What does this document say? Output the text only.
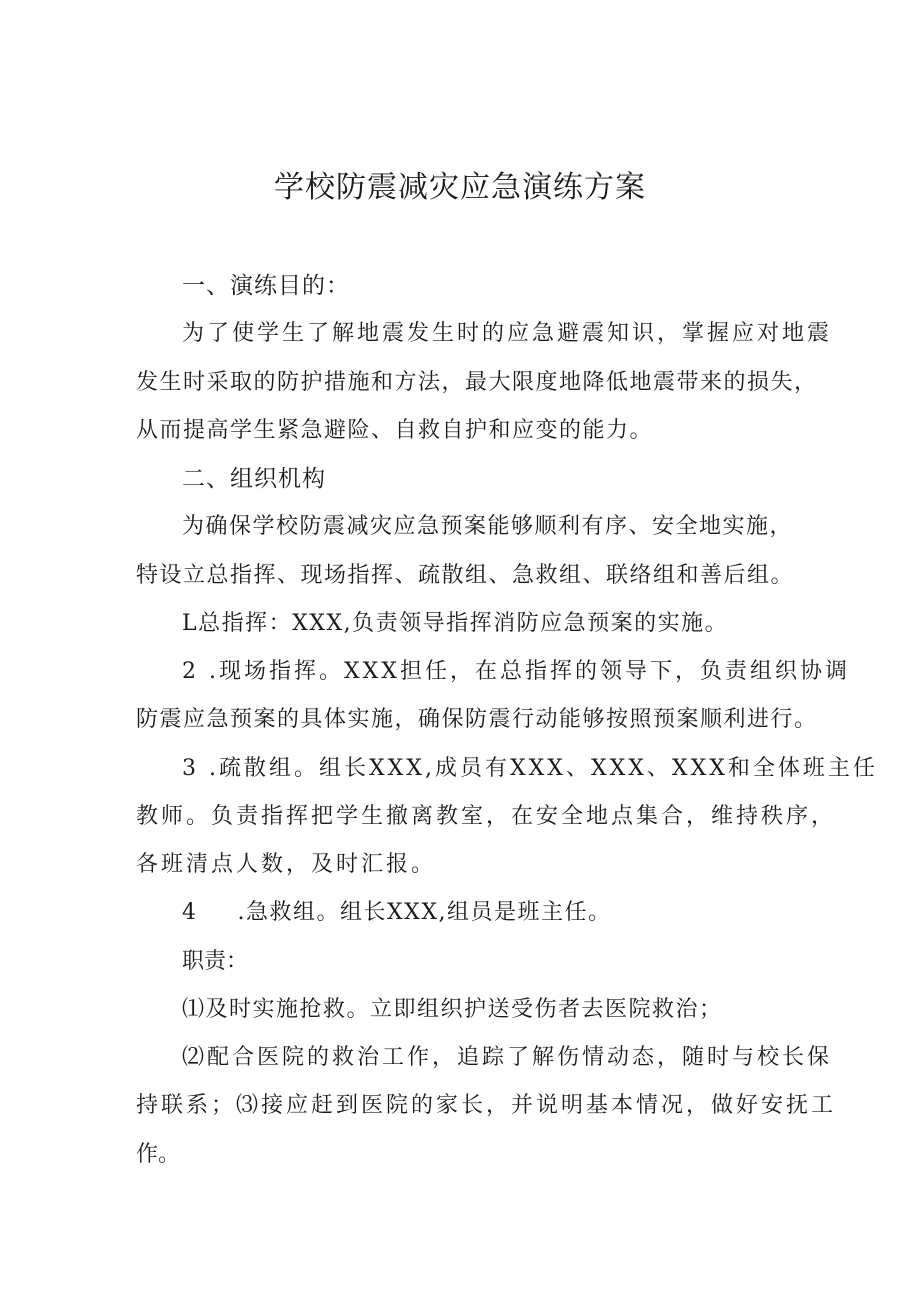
学校防震减灾应急演练方案

一、演练目的：

为了使学生了解地震发生时的应急避震知识，掌握应对地震

发生时采取的防护措施和方法，最大限度地降低地震带来的损失，

从而提高学生紧急避险、自救自护和应变的能力。

二、组织机构

为确保学校防震减灾应急预案能够顺利有序、安全地实施，

特设立总指挥、现场指挥、疏散组、急救组、联络组和善后组。

L总指挥：XXX,负责领导指挥消防应急预案的实施。

2 .现场指挥。XXX担任，在总指挥的领导下，负责组织协调

防震应急预案的具体实施，确保防震行动能够按照预案顺利进行。

3 .疏散组。组长XXX,成员有XXX、XXX、XXX和全体班主任

教师。负责指挥把学生撤离教室，在安全地点集合，维持秩序，

各班清点人数，及时汇报。

4 .急救组。组长XXX,组员是班主任。

职责：

⑴及时实施抢救。立即组织护送受伤者去医院救治；

⑵配合医院的救治工作，追踪了解伤情动态，随时与校长保

持联系；⑶接应赶到医院的家长，并说明基本情况，做好安抚工

作。
